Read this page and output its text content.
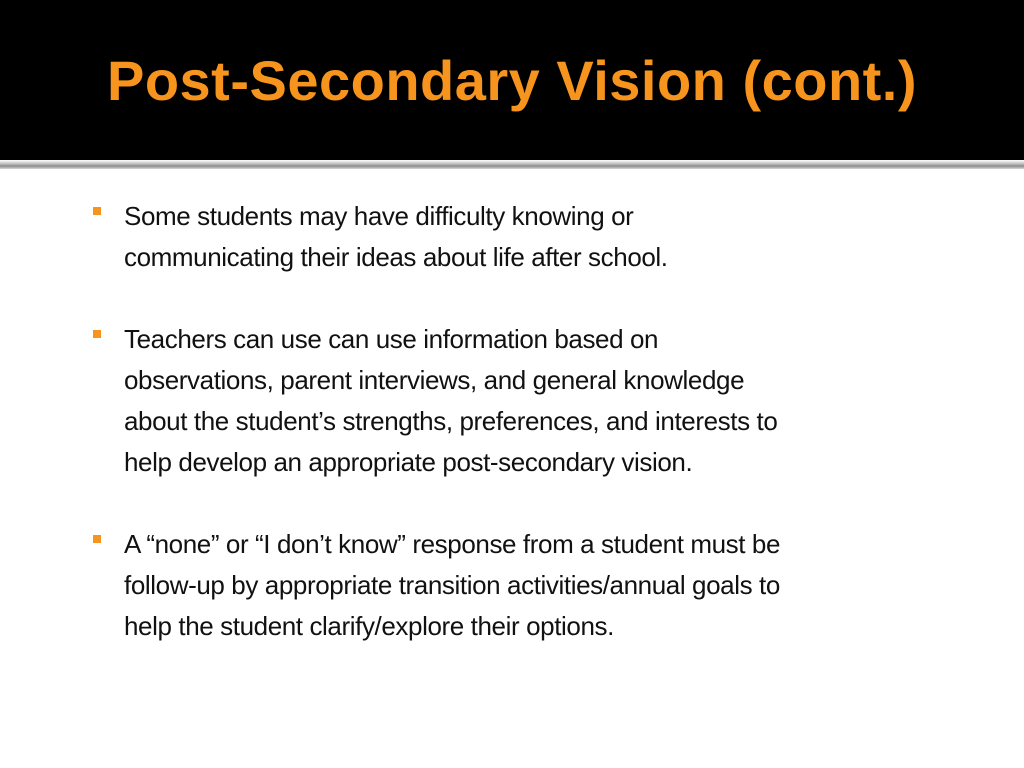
Post-Secondary Vision (cont.)
Some students may have difficulty knowing or
communicating their ideas about life after school.
Teachers can use can use information based on
observations, parent interviews, and general knowledge
about the student’s strengths, preferences, and interests to
help develop an appropriate post-secondary vision.
A “none” or “I don’t know” response from a student must be
follow-up by appropriate transition activities/annual goals to
help the student clarify/explore their options.
